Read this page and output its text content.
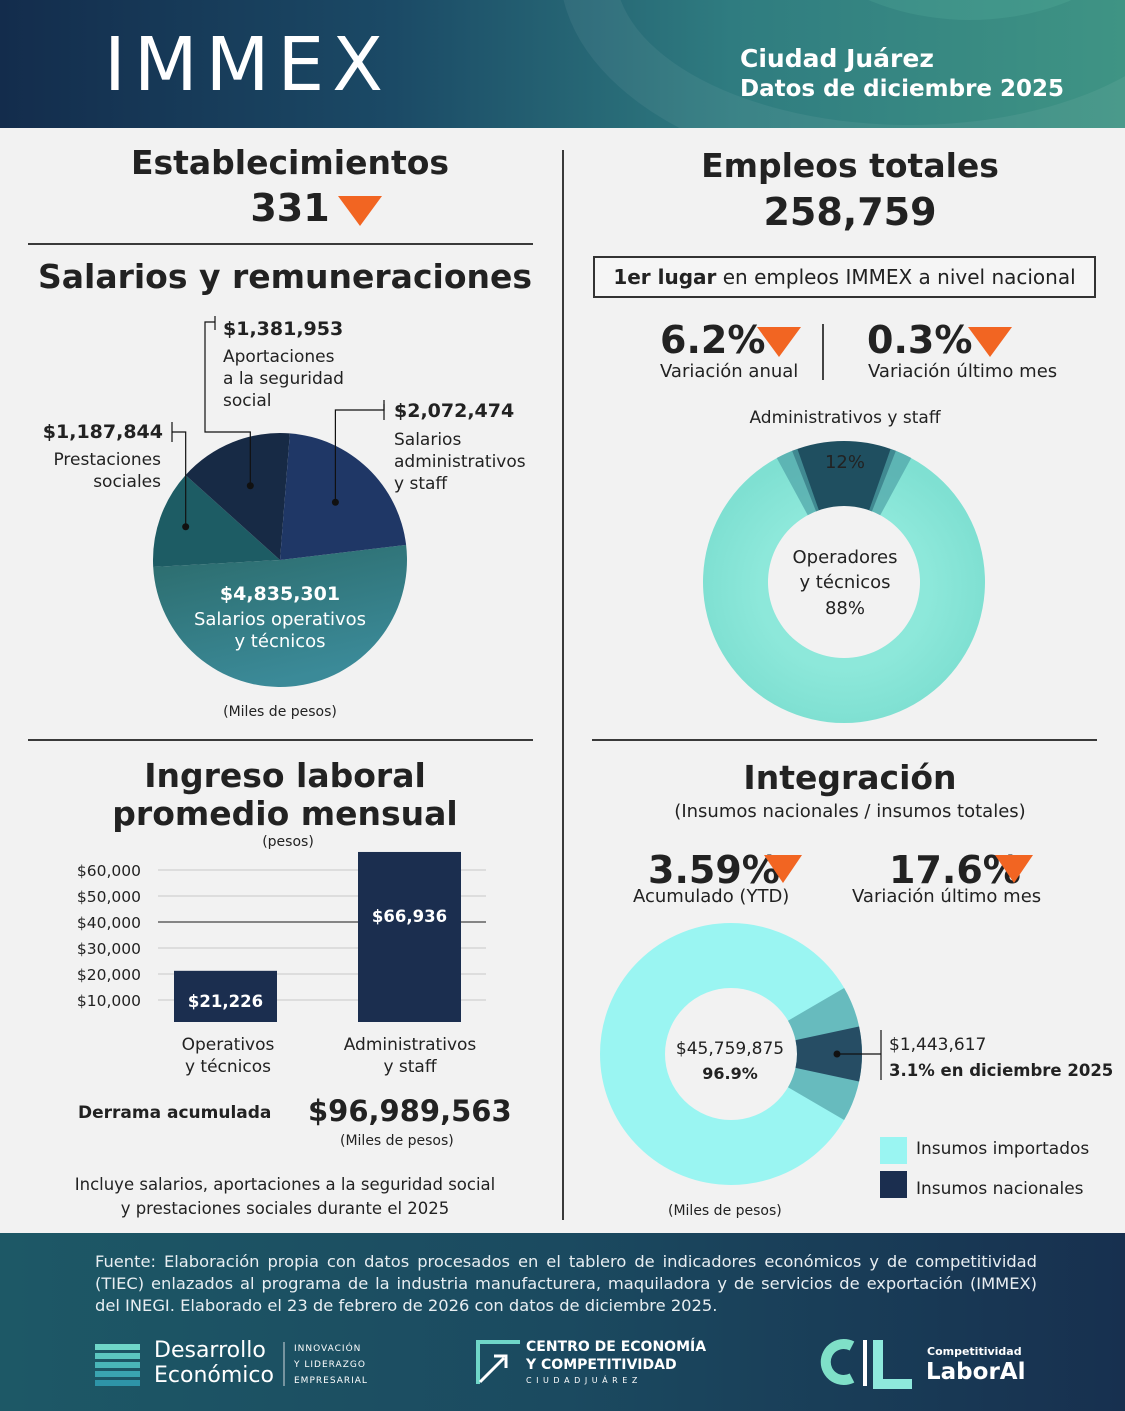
IMMEX	Ciudad Juárez
Datos de diciembre 2025
Establecimientos
331
Salarios y remuneraciones
$10,000
$20,000
$30,000
$40,000
$50,000
$60,000
$21,226
$66,936
$1,381,953
Aportaciones
a la seguridad
social	$2,072,474
Salarios
administrativos
y staff
$1,187,844
Prestaciones
sociales
$4,835,301
Salarios operativos
y técnicos
(Miles de pesos)
Empleos totales
258,759
1er lugar en empleos IMMEX a nivel nacional
6.2%
Variación anual
0.3%
Variación último mes
Administrativos y staff
12%
Operadores
y técnicos
88%
Ingreso laboral
promedio mensual
(pesos)
Operativos
y técnicos
Administrativos
y staff
Derrama acumulada $96,989,563
(Miles de pesos)
Incluye salarios, aportaciones a la seguridad social
y prestaciones sociales durante el 2025
Integración
(Insumos nacionales / insumos totales)
3.59%
Acumulado (YTD)
17.6%
Variación último mes
$45,759,875
96.9%
$1,443,617
3.1% en diciembre 2025
Insumos importados
Insumos nacionales
(Miles de pesos)
Fuente: Elaboración propia con datos procesados en el tablero de indicadores económicos y de competitividad (TIEC) enlazados al programa de la industria manufacturera, maquiladora y de servicios de exportación (IMMEX) del INEGI. Elaborado el 23 de febrero de 2026 con datos de diciembre 2025.
Desarrollo
Económico
INNOVACIÓN
Y LIDERAZGO
EMPRESARIAL
CENTRO DE ECONOMÍA
Y COMPETITIVIDAD
C I U D A D J U Á R E Z
Competitividad
LaborAl
